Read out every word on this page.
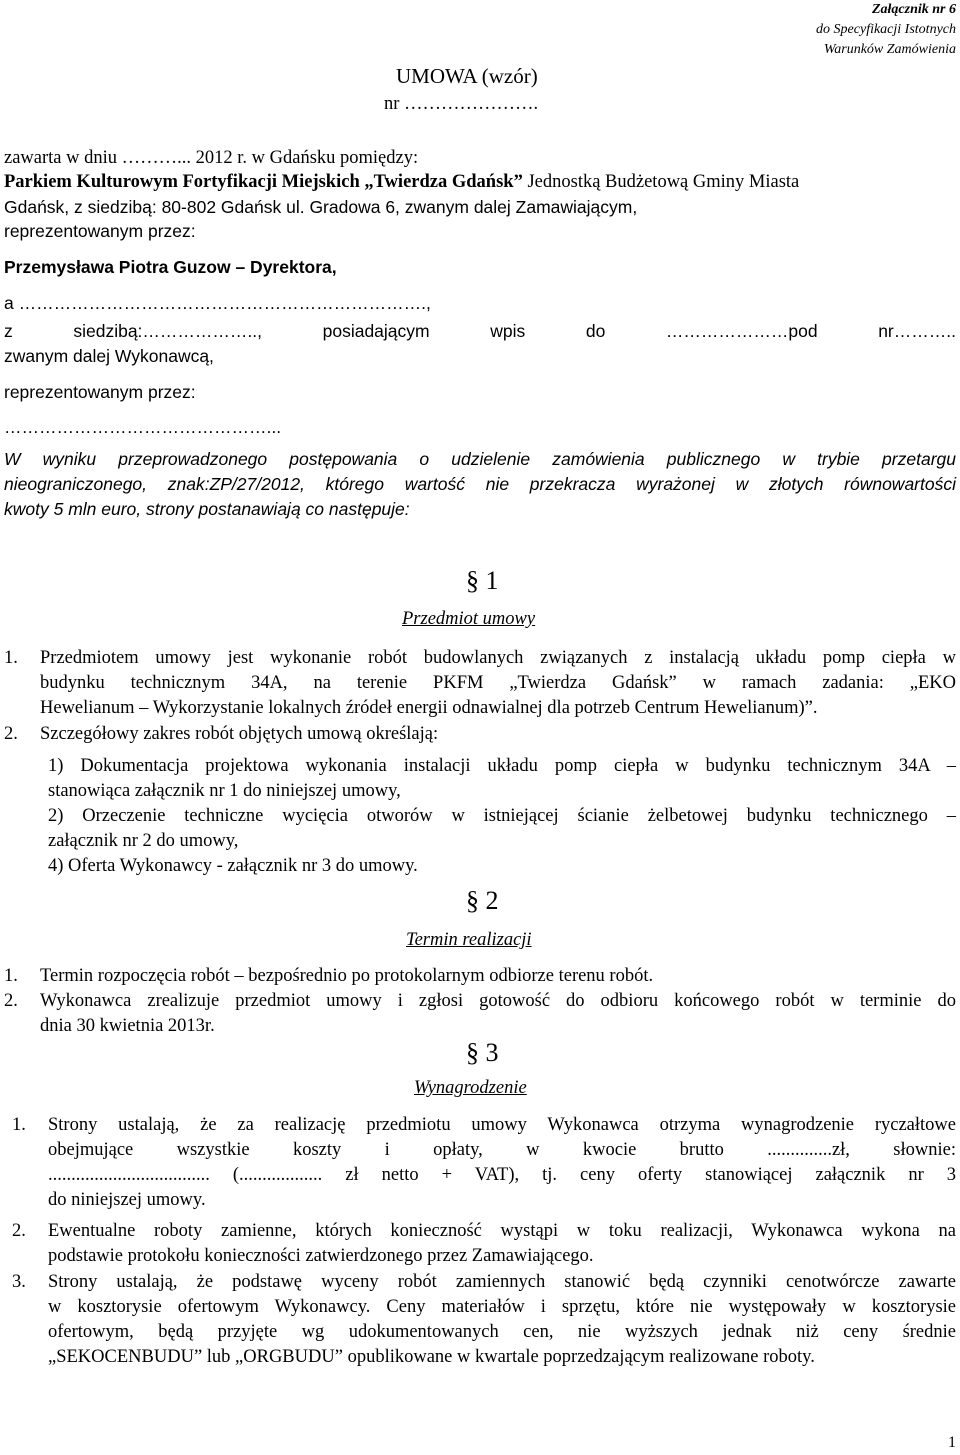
Załącznik nr 6
do Specyfikacji Istotnych
Warunków Zamówienia
UMOWA (wzór)
nr ………………….
zawarta w dniu ………... 2012 r. w Gdańsku pomiędzy:
Parkiem Kulturowym Fortyfikacji Miejskich „Twierdza Gdańsk” Jednostką Budżetową Gminy Miasta
Gdańsk, z siedzibą: 80-802 Gdańsk ul. Gradowa 6, zwanym dalej Zamawiającym,
reprezentowanym przez:
Przemysława Piotra Guzow – Dyrektora,
a …………………………………………………………….,
z siedzibą:……………….., posiadającym wpis do …………………pod nr………..
zwanym dalej Wykonawcą,
reprezentowanym przez:
………………………………………...
W wyniku przeprowadzonego postępowania o udzielenie zamówienia publicznego w trybie przetargu
nieograniczonego, znak:ZP/27/2012, którego wartość nie przekracza wyrażonej w złotych równowartości
kwoty 5 mln euro, strony postanawiają co następuje:
§ 1
Przedmiot umowy
1. Przedmiotem umowy jest wykonanie robót budowlanych związanych z instalacją układu pomp ciepła w
budynku technicznym 34A, na terenie PKFM „Twierdza Gdańsk” w ramach zadania: „EKO
Hewelianum – Wykorzystanie lokalnych źródeł energii odnawialnej dla potrzeb Centrum Hewelianum)”.
2. Szczegółowy zakres robót objętych umową określają:
1) Dokumentacja projektowa wykonania instalacji układu pomp ciepła w budynku technicznym 34A –
stanowiąca załącznik nr 1 do niniejszej umowy,
2) Orzeczenie techniczne wycięcia otworów w istniejącej ścianie żelbetowej budynku technicznego –
załącznik nr 2 do umowy,
4) Oferta Wykonawcy - załącznik nr 3 do umowy.
§ 2
Termin realizacji
1. Termin rozpoczęcia robót – bezpośrednio po protokolarnym odbiorze terenu robót.
2. Wykonawca zrealizuje przedmiot umowy i zgłosi gotowość do odbioru końcowego robót w terminie do
dnia 30 kwietnia 2013r.
§ 3
Wynagrodzenie
1. Strony ustalają, że za realizację przedmiotu umowy Wykonawca otrzyma wynagrodzenie ryczałtowe
obejmujące wszystkie koszty i opłaty, w kwocie brutto ..............zł, słownie:
................................... (.................. zł netto + VAT), tj. ceny oferty stanowiącej załącznik nr 3
do niniejszej umowy.
2. Ewentualne roboty zamienne, których konieczność wystąpi w toku realizacji, Wykonawca wykona na
podstawie protokołu konieczności zatwierdzonego przez Zamawiającego.
3. Strony ustalają, że podstawę wyceny robót zamiennych stanowić będą czynniki cenotwórcze zawarte
w kosztorysie ofertowym Wykonawcy. Ceny materiałów i sprzętu, które nie występowały w kosztorysie
ofertowym, będą przyjęte wg udokumentowanych cen, nie wyższych jednak niż ceny średnie
„SEKOCENBUDU” lub „ORGBUDU” opublikowane w kwartale poprzedzającym realizowane roboty.
1
